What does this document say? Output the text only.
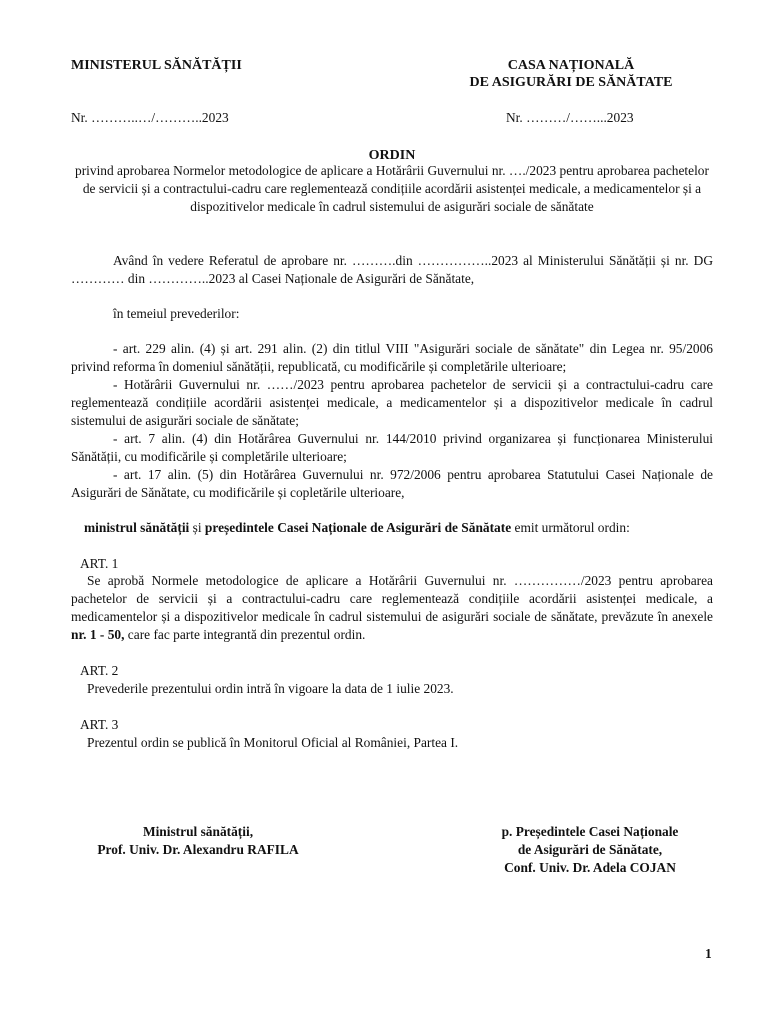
MINISTERUL SĂNĂTĂȚII	CASA NAȚIONALĂ
DE ASIGURĂRI DE SĂNĂTATE
Nr. ………..…/………..2023	Nr. ………/……...2023
ORDIN
privind aprobarea Normelor metodologice de aplicare a Hotărârii Guvernului nr. …./2023 pentru aprobarea pachetelor de servicii și a contractului-cadru care reglementează condițiile acordării asistenței medicale, a medicamentelor și a dispozitivelor medicale în cadrul sistemului de asigurări sociale de sănătate
Având în vedere Referatul de aprobare nr. ……….din ……………..2023 al Ministerului Sănătății și nr. DG ………… din …………..2023 al Casei Naționale de Asigurări de Sănătate,
în temeiul prevederilor:
- art. 229 alin. (4) și art. 291 alin. (2) din titlul VIII "Asigurări sociale de sănătate" din Legea nr. 95/2006 privind reforma în domeniul sănătății, republicată, cu modificările și completările ulterioare;
- Hotărârii Guvernului nr. ……/2023 pentru aprobarea pachetelor de servicii și a contractului-cadru care reglementează condițiile acordării asistenței medicale, a medicamentelor și a dispozitivelor medicale în cadrul sistemului de asigurări sociale de sănătate;
- art. 7 alin. (4) din Hotărârea Guvernului nr. 144/2010 privind organizarea și funcționarea Ministerului Sănătății, cu modificările și completările ulterioare;
- art. 17 alin. (5) din Hotărârea Guvernului nr. 972/2006 pentru aprobarea Statutului Casei Naționale de Asigurări de Sănătate, cu modificările și copletările ulterioare,
ministrul sănătății și președintele Casei Naționale de Asigurări de Sănătate emit următorul ordin:
ART. 1
Se aprobă Normele metodologice de aplicare a Hotărârii Guvernului nr. ……………/2023 pentru aprobarea pachetelor de servicii și a contractului-cadru care reglementează condițiile acordării asistenței medicale, a medicamentelor și a dispozitivelor medicale în cadrul sistemului de asigurări sociale de sănătate, prevăzute în anexele nr. 1 - 50, care fac parte integrantă din prezentul ordin.
ART. 2
Prevederile prezentului ordin intră în vigoare la data de 1 iulie 2023.
ART. 3
Prezentul ordin se publică în Monitorul Oficial al României, Partea I.
Ministrul sănătății,
Prof. Univ. Dr. Alexandru RAFILA
p. Președintele Casei Naționale
de Asigurări de Sănătate,
Conf. Univ. Dr. Adela COJAN
1
